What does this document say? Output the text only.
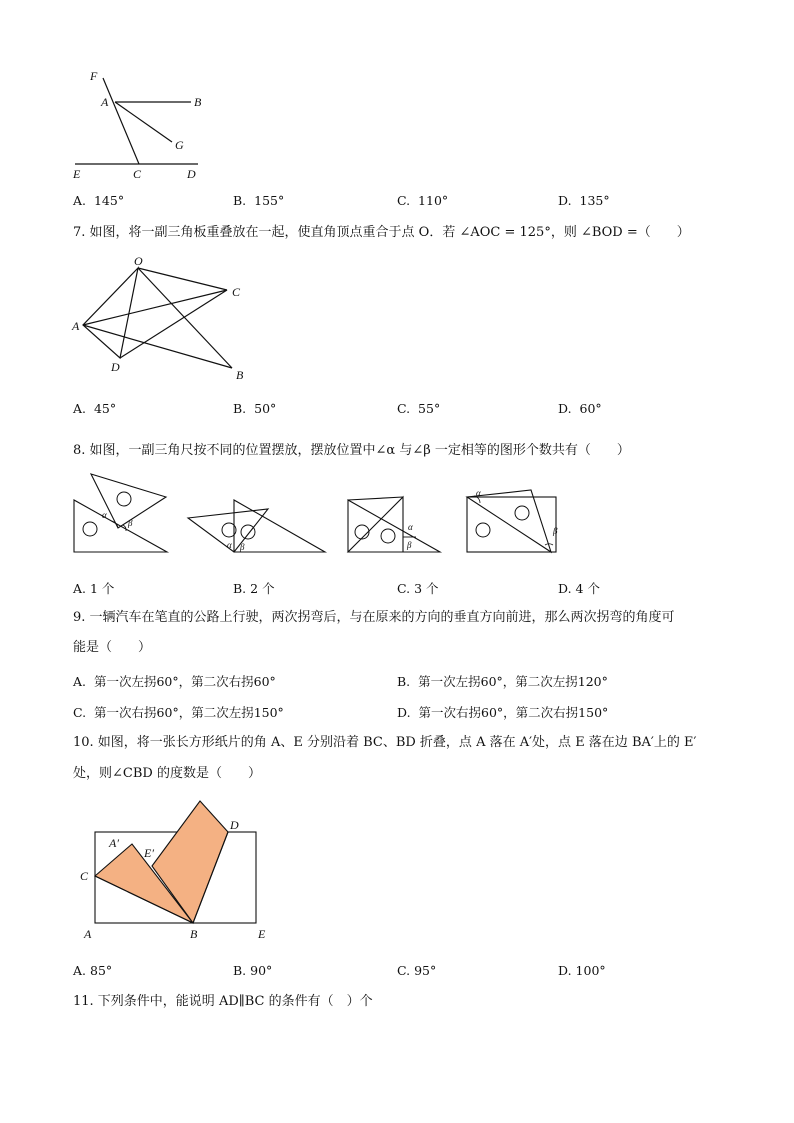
F
A	B
G
E	C	D
A. 145°	B. 155°	C. 110°	D. 135°
7. 如图，将一副三角板重叠放在一起，使直角顶点重合于点 O．若 ∠AOC = 125°，则 ∠BOD =（　　）
O
C
A
D
B
A. 45°	B. 50°	C. 55°	D. 60°
8. 如图，一副三角尺按不同的位置摆放，摆放位置中∠α 与∠β 一定相等的图形个数共有（　　）
α
β
α β
α
β
α
β
A. 1 个	B. 2 个	C. 3 个	D. 4 个
9. 一辆汽车在笔直的公路上行驶，两次拐弯后，与在原来的方向的垂直方向前进，那么两次拐弯的角度可
能是（　　）
A. 第一次左拐60°，第二次右拐60°	B. 第一次左拐60°，第二次左拐120°
C. 第一次右拐60°，第二次左拐150°	D. 第一次右拐60°，第二次右拐150°
10. 如图，将一张长方形纸片的角 A、E 分别沿着 BC、BD 折叠，点 A 落在 A′处，点 E 落在边 BA′上的 E′
处，则∠CBD 的度数是（　　）
A′
E′
C
D
A	B	E
A. 85°	B. 90°	C. 95°	D. 100°
11. 下列条件中，能说明 AD∥BC 的条件有（　）个
